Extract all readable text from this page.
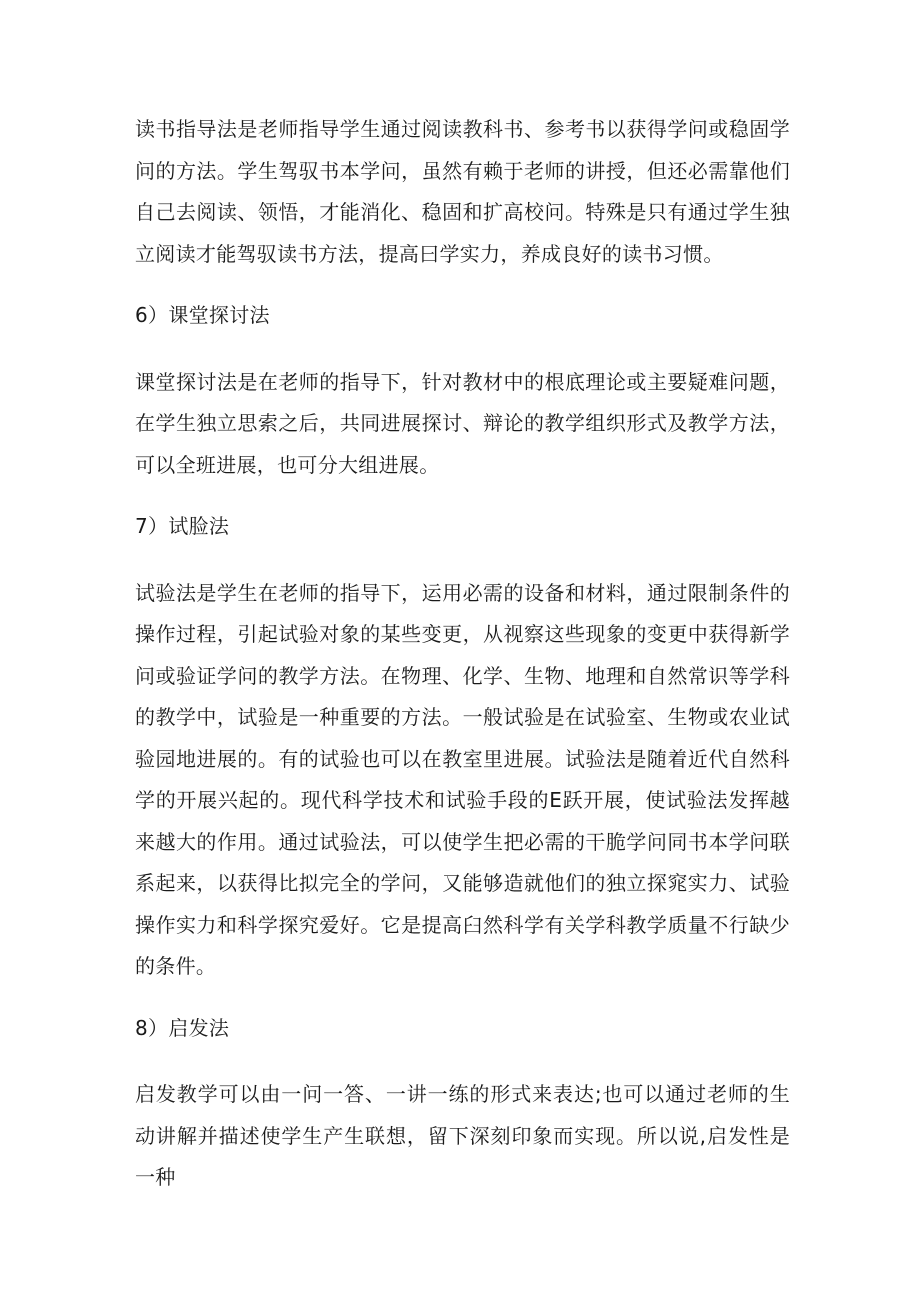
读书指导法是老师指导学生通过阅读教科书、参考书以获得学问或稳固学问的方法。学生驾驭书本学问，虽然有赖于老师的讲授，但还必需靠他们自己去阅读、领悟，才能消化、稳固和扩高校问。特殊是只有通过学生独立阅读才能驾驭读书方法，提高曰学实力，养成良好的读书习惯。

6）课堂探讨法

课堂探讨法是在老师的指导下，针对教材中的根底理论或主要疑难问题，在学生独立思索之后，共同进展探讨、辩论的教学组织形式及教学方法，可以全班进展，也可分大组进展。

7）试脸法

试验法是学生在老师的指导下，运用必需的设备和材料，通过限制条件的操作过程，引起试验对象的某些变更，从视察这些现象的变更中获得新学问或验证学问的教学方法。在物理、化学、生物、地理和自然常识等学科的教学中，试验是一种重要的方法。一般试验是在试验室、生物或农业试验园地进展的。有的试验也可以在教室里进展。试验法是随着近代自然科学的开展兴起的。现代科学技术和试验手段的E跃开展，使试验法发挥越来越大的作用。通过试验法，可以使学生把必需的干脆学问同书本学问联系起来，以获得比拟完全的学问，又能够造就他们的独立探窕实力、试验操作实力和科学探究爱好。它是提高臼然科学有关学科教学质量不行缺少的条件。

8）启发法

启发教学可以由一问一答、一讲一练的形式来表达;也可以通过老师的生动讲解并描述使学生产生联想，留下深刻印象而实现。所以说,启发性是一种
